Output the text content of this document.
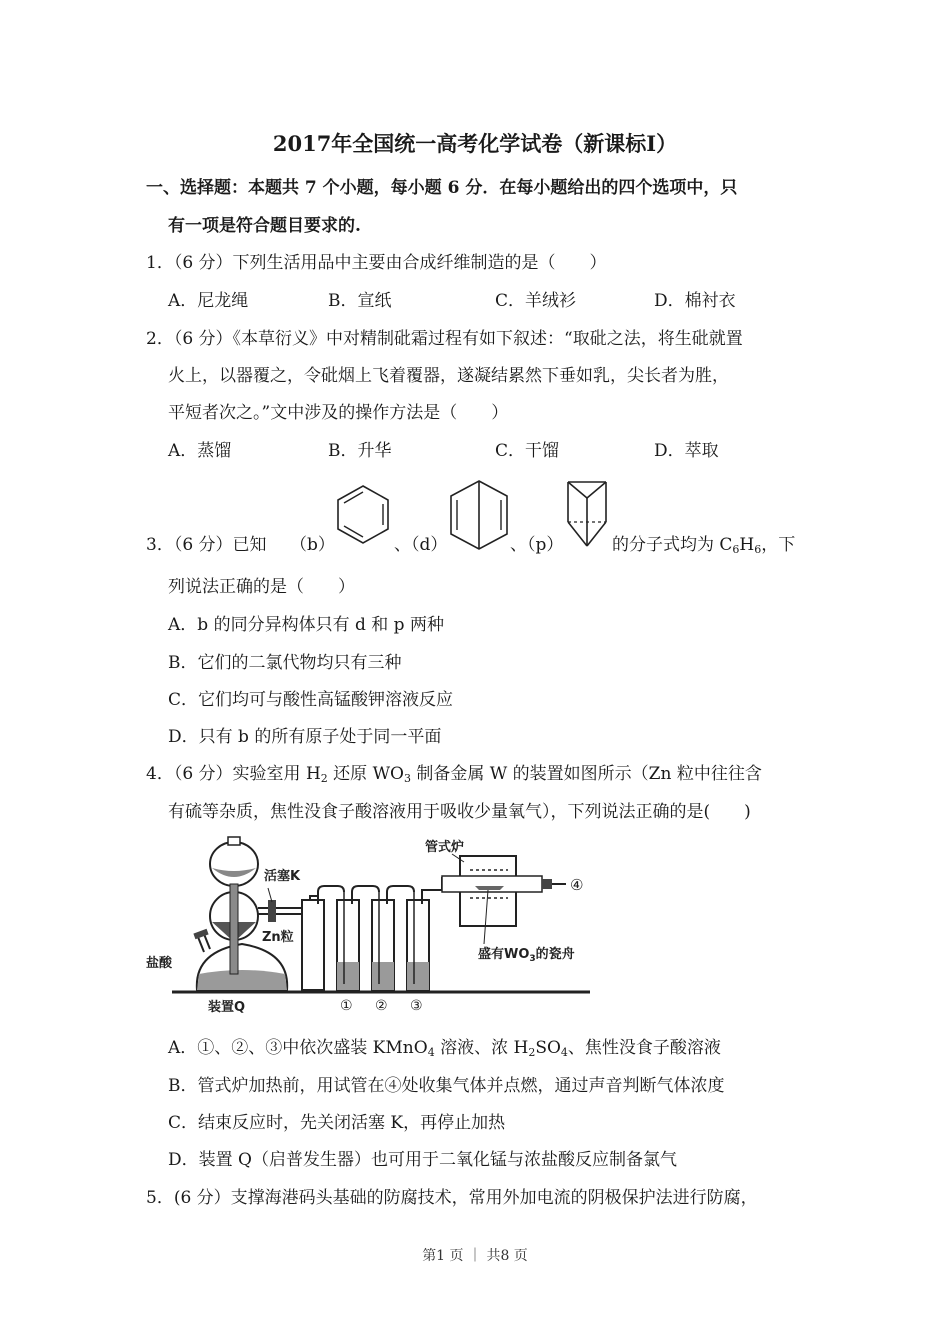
2017年全国统一高考化学试卷（新课标I）
一、选择题：本题共 7 个小题，每小题 6 分．在每小题给出的四个选项中，只
有一项是符合题目要求的.
1．（6 分）下列生活用品中主要由合成纤维制造的是（　　）
A．尼龙绳	B．宣纸	C．羊绒衫	D．棉衬衣
2．（6 分）《本草衍义》中对精制砒霜过程有如下叙述：“取砒之法，将生砒就置
火上，以器覆之，令砒烟上飞着覆器，遂凝结累然下垂如乳，尖长者为胜，
平短者次之。”文中涉及的操作方法是（　　）
A．蒸馏	B．升华	C．干馏	D．萃取
3．（6 分）已知 （b）	、（d）	、（p）	的分子式均为 $C_6H_6$，下
列说法正确的是（　　）
A．b 的同分异构体只有 d 和 p 两种
B．它们的二氯代物均只有三种
C．它们均可与酸性高锰酸钾溶液反应
D．只有 b 的所有原子处于同一平面
4．（6 分）实验室用 $H_2$ 还原 $WO_3$ 制备金属 W 的装置如图所示（Zn 粒中往往含
有硫等杂质，焦性没食子酸溶液用于吸收少量氧气），下列说法正确的是(　　)
管式炉
活塞K
Zn粒
盐酸
装置Q
盛有$WO_3$的瓷舟
① ② ③
④
A．①、②、③中依次盛装 KMnO$_4$ 溶液、浓 $H_2SO_4$、焦性没食子酸溶液
B．管式炉加热前，用试管在④处收集气体并点燃，通过声音判断气体浓度
C．结束反应时，先关闭活塞 K，再停止加热
D．装置 Q（启普发生器）也可用于二氧化锰与浓盐酸反应制备氯气
5．(6 分）支撑海港码头基础的防腐技术，常用外加电流的阴极保护法进行防腐，
第1 页 ｜ 共8 页
